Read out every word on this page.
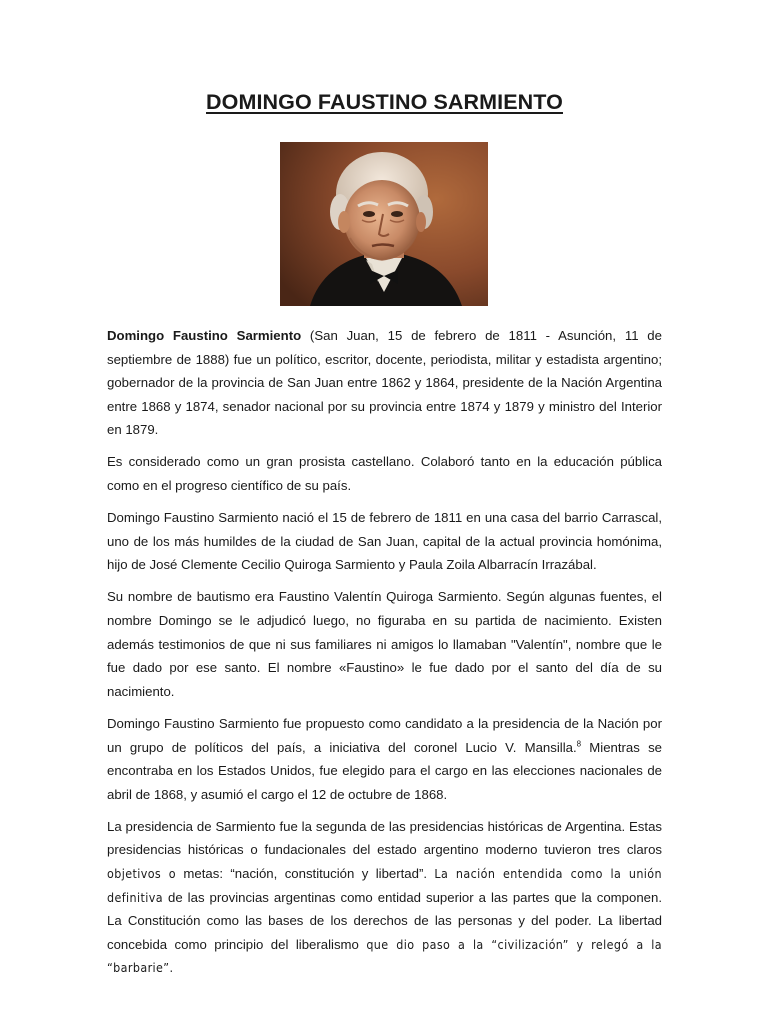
DOMINGO FAUSTINO SARMIENTO

Domingo Faustino Sarmiento (San Juan, 15 de febrero de 1811 - Asunción, 11 de septiembre de 1888) fue un político, escritor, docente, periodista, militar y estadista argentino; gobernador de la provincia de San Juan entre 1862 y 1864, presidente de la Nación Argentina entre 1868 y 1874, senador nacional por su provincia entre 1874 y 1879 y ministro del Interior en 1879.

Es considerado como un gran prosista castellano. Colaboró tanto en la educación pública como en el progreso científico de su país.

Domingo Faustino Sarmiento nació el 15 de febrero de 1811 en una casa del barrio Carrascal, uno de los más humildes de la ciudad de San Juan, capital de la actual provincia homónima, hijo de José Clemente Cecilio Quiroga Sarmiento y Paula Zoila Albarracín Irrazábal.

Su nombre de bautismo era Faustino Valentín Quiroga Sarmiento. Según algunas fuentes, el nombre Domingo se le adjudicó luego, no figuraba en su partida de nacimiento. Existen además testimonios de que ni sus familiares ni amigos lo llamaban "Valentín", nombre que le fue dado por ese santo. El nombre «Faustino» le fue dado por el santo del día de su nacimiento.

Domingo Faustino Sarmiento fue propuesto como candidato a la presidencia de la Nación por un grupo de políticos del país, a iniciativa del coronel Lucio V. Mansilla.$^8$ Mientras se encontraba en los Estados Unidos, fue elegido para el cargo en las elecciones nacionales de abril de 1868, y asumió el cargo el 12 de octubre de 1868.

La presidencia de Sarmiento fue la segunda de las presidencias históricas de Argentina. Estas presidencias históricas o fundacionales del estado argentino moderno tuvieron tres claros objetivos o metas: “nación, constitución y libertad”. La nación entendida como la unión definitiva de las provincias argentinas como entidad superior a las partes que la componen. La Constitución como las bases de los derechos de las personas y del poder. La libertad concebida como principio del liberalismo que dio paso a la “civilización” y relegó a la “barbarie”.
